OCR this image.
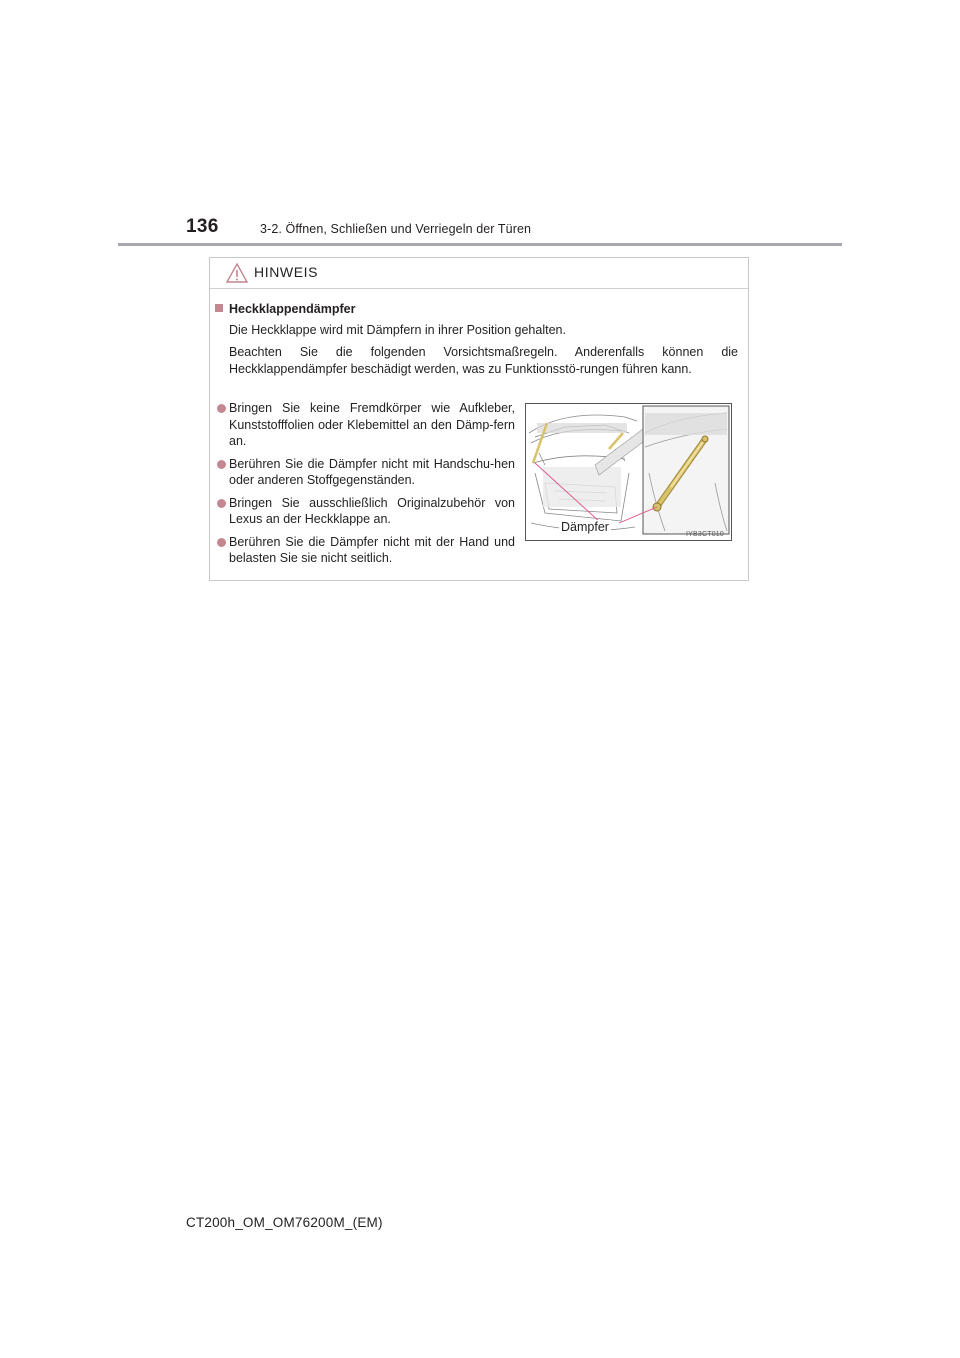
136	3-2. Öffnen, Schließen und Verriegeln der Türen
HINWEIS
Heckklappendämpfer
Die Heckklappe wird mit Dämpfern in ihrer Position gehalten.
Beachten Sie die folgenden Vorsichtsmaßregeln. Anderenfalls können die Heckklappendämpfer beschädigt werden, was zu Funktionsstö-rungen führen kann.
Bringen Sie keine Fremdkörper wie Aufkleber, Kunststofffolien oder Klebemittel an den Dämp-fern an.
Berühren Sie die Dämpfer nicht mit Handschu-hen oder anderen Stoffgegenständen.
Bringen Sie ausschließlich Originalzubehör von Lexus an der Heckklappe an.
Berühren Sie die Dämpfer nicht mit der Hand und belasten Sie sie nicht seitlich.
Dämpfer
IYB3CT010
CT200h_OM_OM76200M_(EM)
